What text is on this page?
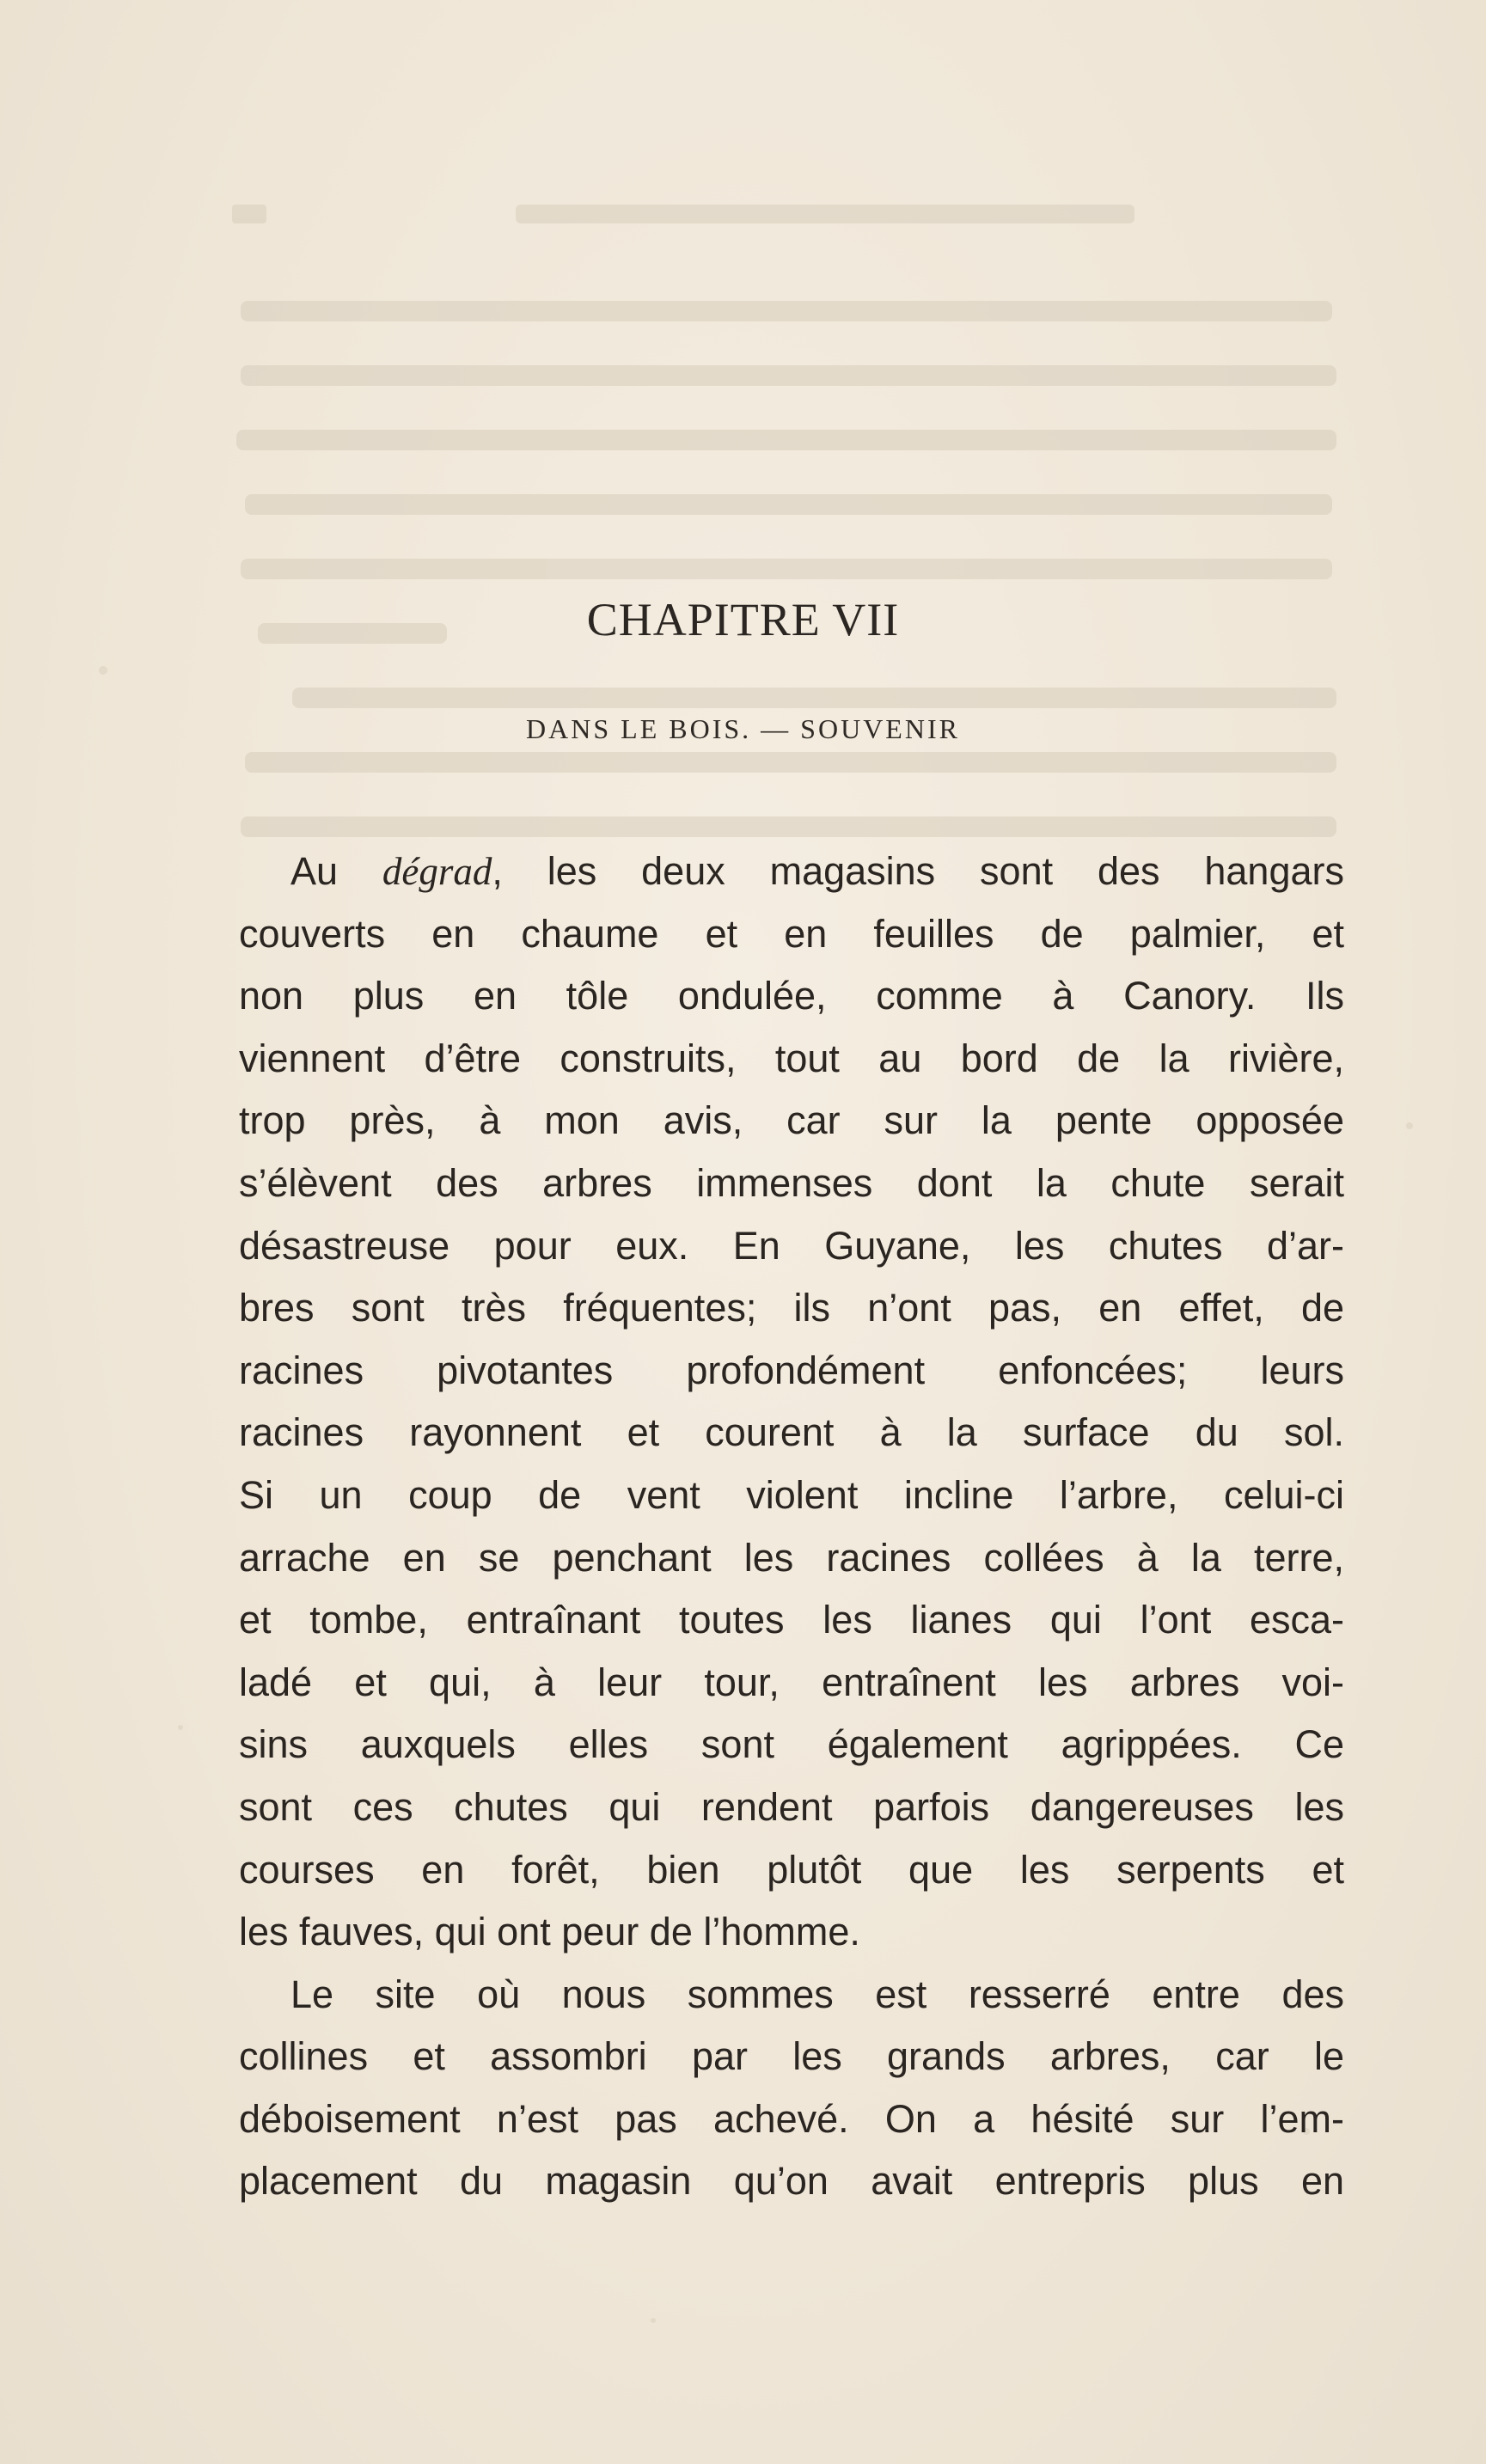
CHAPITRE VII

DANS LE BOIS. — SOUVENIR

Au dégrad, les deux magasins sont des hangars
couverts en chaume et en feuilles de palmier, et
non plus en tôle ondulée, comme à Canory. Ils
viennent d’être construits, tout au bord de la rivière,
trop près, à mon avis, car sur la pente opposée
s’élèvent des arbres immenses dont la chute serait
désastreuse pour eux. En Guyane, les chutes d’ar-
bres sont très fréquentes; ils n’ont pas, en effet, de
racines pivotantes profondément enfoncées; leurs
racines rayonnent et courent à la surface du sol.
Si un coup de vent violent incline l’arbre, celui-ci
arrache en se penchant les racines collées à la terre,
et tombe, entraînant toutes les lianes qui l’ont esca-
ladé et qui, à leur tour, entraînent les arbres voi-
sins auxquels elles sont également agrippées. Ce
sont ces chutes qui rendent parfois dangereuses les
courses en forêt, bien plutôt que les serpents et
les fauves, qui ont peur de l’homme.
Le site où nous sommes est resserré entre des
collines et assombri par les grands arbres, car le
déboisement n’est pas achevé. On a hésité sur l’em-
placement du magasin qu’on avait entrepris plus en
